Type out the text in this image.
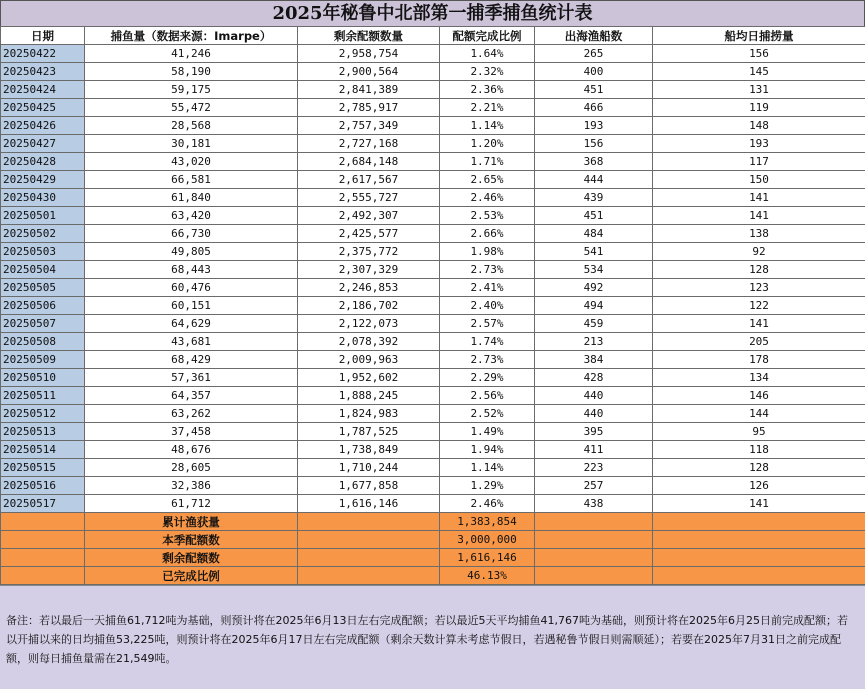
2025年秘鲁中北部第一捕季捕鱼统计表
日期	捕鱼量（数据来源：Imarpe）	剩余配额数量	配额完成比例	出海渔船数	船均日捕捞量
20250422	41,246	2,958,754	1.64%	265	156
20250423	58,190	2,900,564	2.32%	400	145
20250424	59,175	2,841,389	2.36%	451	131
20250425	55,472	2,785,917	2.21%	466	119
20250426	28,568	2,757,349	1.14%	193	148
20250427	30,181	2,727,168	1.20%	156	193
20250428	43,020	2,684,148	1.71%	368	117
20250429	66,581	2,617,567	2.65%	444	150
20250430	61,840	2,555,727	2.46%	439	141
20250501	63,420	2,492,307	2.53%	451	141
20250502	66,730	2,425,577	2.66%	484	138
20250503	49,805	2,375,772	1.98%	541	92
20250504	68,443	2,307,329	2.73%	534	128
20250505	60,476	2,246,853	2.41%	492	123
20250506	60,151	2,186,702	2.40%	494	122
20250507	64,629	2,122,073	2.57%	459	141
20250508	43,681	2,078,392	1.74%	213	205
20250509	68,429	2,009,963	2.73%	384	178
20250510	57,361	1,952,602	2.29%	428	134
20250511	64,357	1,888,245	2.56%	440	146
20250512	63,262	1,824,983	2.52%	440	144
20250513	37,458	1,787,525	1.49%	395	95
20250514	48,676	1,738,849	1.94%	411	118
20250515	28,605	1,710,244	1.14%	223	128
20250516	32,386	1,677,858	1.29%	257	126
20250517	61,712	1,616,146	2.46%	438	141
	累计渔获量		1,383,854		
	本季配额数		3,000,000		
	剩余配额数		1,616,146		
	已完成比例		46.13%		
备注：若以最后一天捕鱼61,712吨为基础，则预计将在2025年6月13日左右完成配额；若以最近5天平均捕鱼41,767吨为基础，则预计将在2025年6月25日前完成配额；若以开捕以来的日均捕鱼53,225吨，则预计将在2025年6月17日左右完成配额（剩余天数计算未考虑节假日，若遇秘鲁节假日则需顺延）；若要在2025年7月31日之前完成配额，则每日捕鱼量需在21,549吨。
